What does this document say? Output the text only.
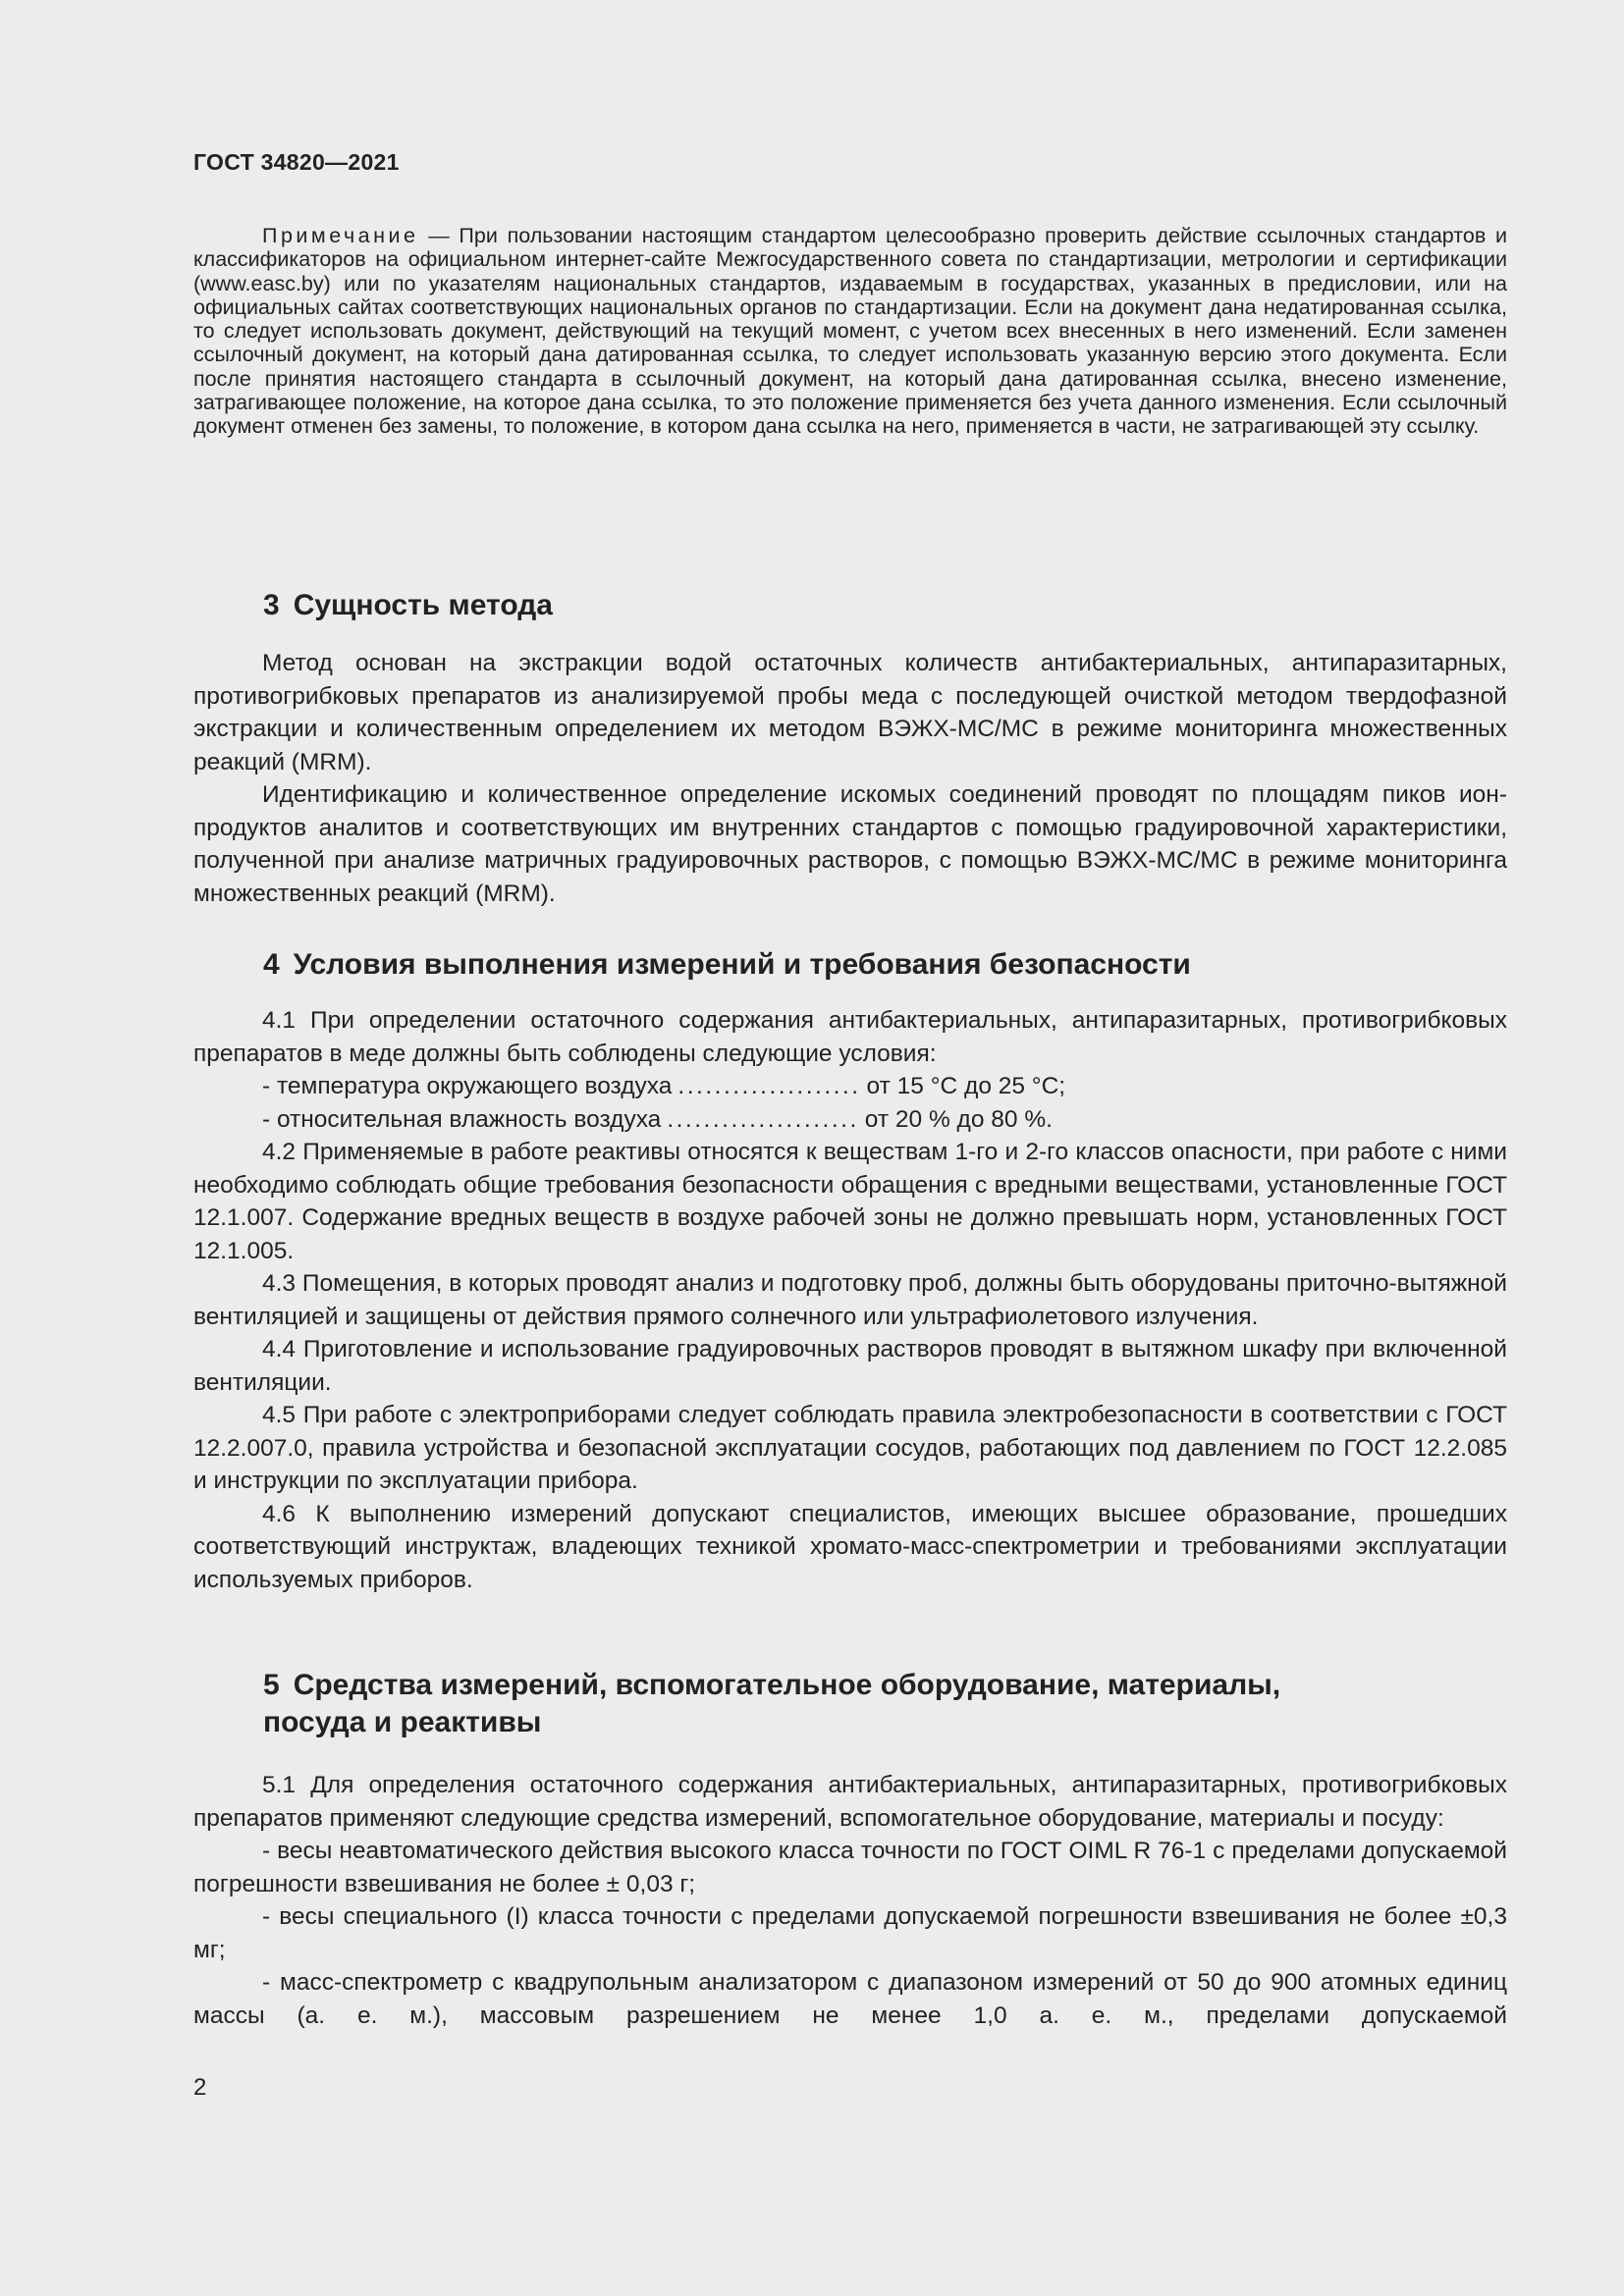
ГОСТ 34820—2021

Примечание — При пользовании настоящим стандартом целесообразно проверить действие ссылочных стандартов и классификаторов на официальном интернет-сайте Межгосударственного совета по стандартизации, метрологии и сертификации (www.easc.by) или по указателям национальных стандартов, издаваемым в государствах, указанных в предисловии, или на официальных сайтах соответствующих национальных органов по стандартизации. Если на документ дана недатированная ссылка, то следует использовать документ, действующий на текущий момент, с учетом всех внесенных в него изменений. Если заменен ссылочный документ, на который дана датированная ссылка, то следует использовать указанную версию этого документа. Если после принятия настоящего стандарта в ссылочный документ, на который дана датированная ссылка, внесено изменение, затрагивающее положение, на которое дана ссылка, то это положение применяется без учета данного изменения. Если ссылочный документ отменен без замены, то положение, в котором дана ссылка на него, применяется в части, не затрагивающей эту ссылку.

3 Сущность метода

Метод основан на экстракции водой остаточных количеств антибактериальных, антипаразитарных, противогрибковых препаратов из анализируемой пробы меда с последующей очисткой методом твердофазной экстракции и количественным определением их методом ВЭЖХ-МС/МС в режиме мониторинга множественных реакций (MRM).

Идентификацию и количественное определение искомых соединений проводят по площадям пиков ион-продуктов аналитов и соответствующих им внутренних стандартов с помощью градуировочной характеристики, полученной при анализе матричных градуировочных растворов, с помощью ВЭЖХ-МС/МС в режиме мониторинга множественных реакций (MRM).

4 Условия выполнения измерений и требования безопасности

4.1 При определении остаточного содержания антибактериальных, антипаразитарных, противогрибковых препаратов в меде должны быть соблюдены следующие условия:

- температура окружающего воздуха .................... от 15 °С до 25 °С;
- относительная влажность воздуха ..................... от 20 % до 80 %.

4.2 Применяемые в работе реактивы относятся к веществам 1-го и 2-го классов опасности, при работе с ними необходимо соблюдать общие требования безопасности обращения с вредными веществами, установленные ГОСТ 12.1.007. Содержание вредных веществ в воздухе рабочей зоны не должно превышать норм, установленных ГОСТ 12.1.005.

4.3 Помещения, в которых проводят анализ и подготовку проб, должны быть оборудованы приточно-вытяжной вентиляцией и защищены от действия прямого солнечного или ультрафиолетового излучения.

4.4 Приготовление и использование градуировочных растворов проводят в вытяжном шкафу при включенной вентиляции.

4.5 При работе с электроприборами следует соблюдать правила электробезопасности в соответствии с ГОСТ 12.2.007.0, правила устройства и безопасной эксплуатации сосудов, работающих под давлением по ГОСТ 12.2.085 и инструкции по эксплуатации прибора.

4.6 К выполнению измерений допускают специалистов, имеющих высшее образование, прошедших соответствующий инструктаж, владеющих техникой хромато-масс-спектрометрии и требованиями эксплуатации используемых приборов.

5 Средства измерений, вспомогательное оборудование, материалы,
посуда и реактивы

5.1 Для определения остаточного содержания антибактериальных, антипаразитарных, противогрибковых препаратов применяют следующие средства измерений, вспомогательное оборудование, материалы и посуду:

- весы неавтоматического действия высокого класса точности по ГОСТ OIML R 76-1 с пределами допускаемой погрешности взвешивания не более ± 0,03 г;

- весы специального (I) класса точности с пределами допускаемой погрешности взвешивания не более ±0,3 мг;

- масс-спектрометр с квадрупольным анализатором с диапазоном измерений от 50 до 900 атомных единиц массы (а. е. м.), массовым разрешением не менее 1,0 а. е. м., пределами допускаемой

2
